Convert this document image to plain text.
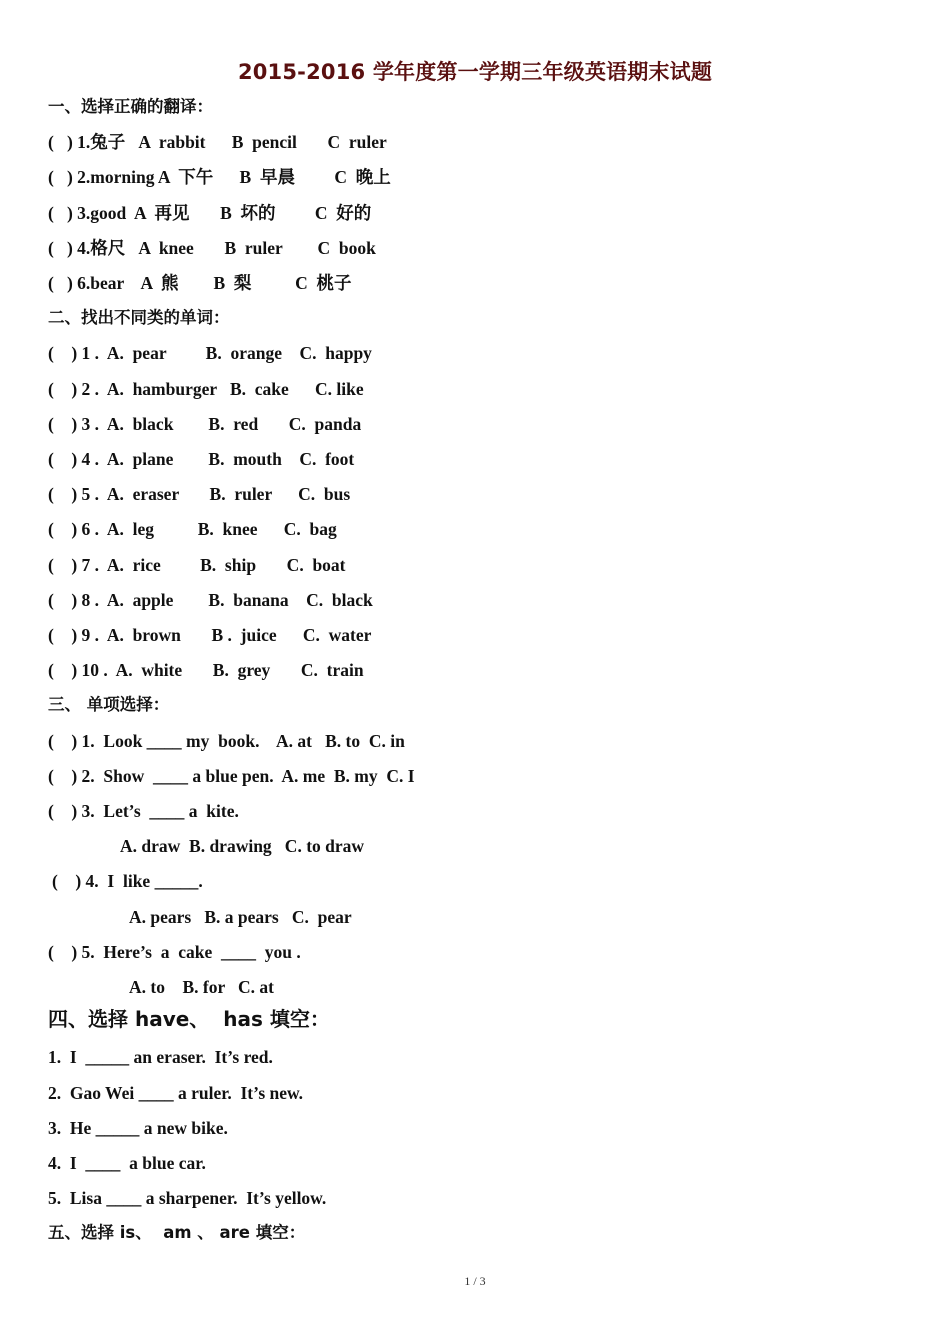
2015-2016 学年度第一学期三年级英语期末试题
一、选择正确的翻译：
(   ) 1.兔子   A  rabbit      B  pencil       C  ruler
(   ) 2.morning A  下午      B  早晨         C  晚上
(   ) 3.good  A  再见       B  坏的         C  好的
(   ) 4.格尺   A  knee       B  ruler        C  book
(   ) 6.bear    A  熊        B  梨          C  桃子
二、找出不同类的单词：
(    ) 1 .  A.  pear         B.  orange    C.  happy
(    ) 2 .  A.  hamburger   B.  cake      C. like
(    ) 3 .  A.  black        B.  red       C.  panda
(    ) 4 .  A.  plane        B.  mouth    C.  foot
(    ) 5 .  A.  eraser       B.  ruler      C.  bus
(    ) 6 .  A.  leg          B.  knee      C.  bag
(    ) 7 .  A.  rice         B.  ship       C.  boat
(    ) 8 .  A.  apple        B.  banana    C.  black
(    ) 9 .  A.  brown       B .  juice      C.  water
(    ) 10 .  A.  white       B.  grey       C.  train
三、 单项选择：
(    ) 1.  Look ____ my  book.    A. at   B. to  C. in
(    ) 2.  Show  ____ a blue pen.  A. me  B. my  C. I
(    ) 3.  Let’s  ____ a  kite.
A. draw  B. drawing   C. to draw
(    ) 4.  I  like _____.
A. pears   B. a pears   C.  pear
(    ) 5.  Here’s  a  cake  ____  you .
A. to    B. for   C. at
四、选择 have、  has 填空：
1.  I  _____ an eraser.  It’s red.
2.  Gao Wei ____ a ruler.  It’s new.
3.  He _____ a new bike.
4.  I  ____  a blue car.
5.  Lisa ____ a sharpener.  It’s yellow.
五、选择 is、  am 、 are 填空：
1 / 3
